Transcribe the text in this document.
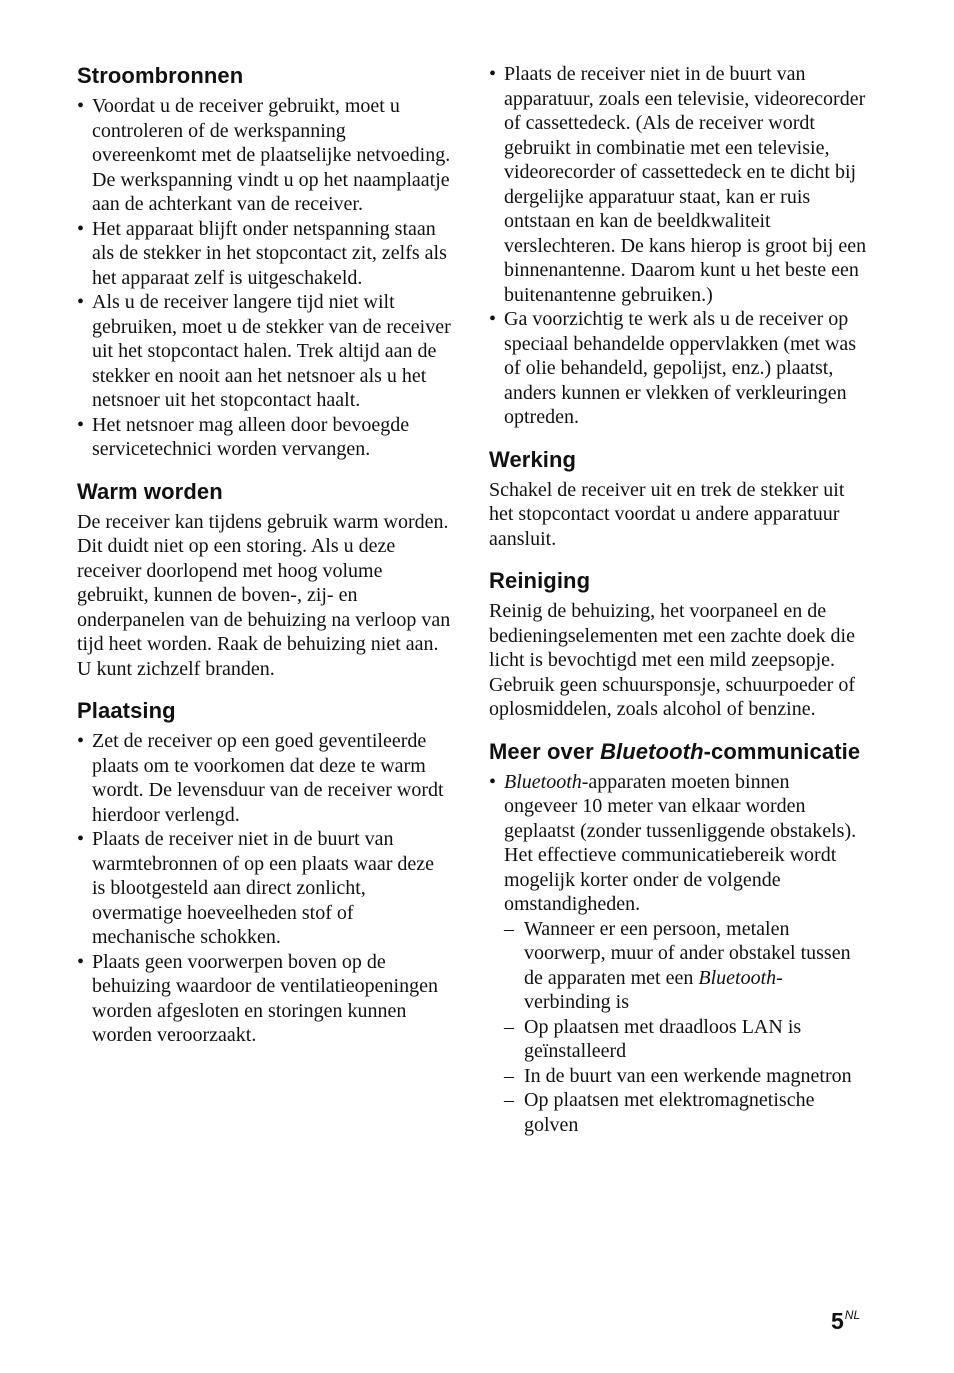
Stroombronnen
• Voordat u de receiver gebruikt, moet u controleren of de werkspanning overeenkomt met de plaatselijke netvoeding.
De werkspanning vindt u op het naamplaatje aan de achterkant van de receiver.
• Het apparaat blijft onder netspanning staan als de stekker in het stopcontact zit, zelfs als het apparaat zelf is uitgeschakeld.
• Als u de receiver langere tijd niet wilt gebruiken, moet u de stekker van de receiver uit het stopcontact halen. Trek altijd aan de stekker en nooit aan het netsnoer als u het netsnoer uit het stopcontact haalt.
• Het netsnoer mag alleen door bevoegde servicetechnici worden vervangen.
Warm worden

De receiver kan tijdens gebruik warm worden. Dit duidt niet op een storing. Als u deze receiver doorlopend met hoog volume gebruikt, kunnen de boven-, zij- en onderpanelen van de behuizing na verloop van tijd heet worden. Raak de behuizing niet aan. U kunt zichzelf branden.

Plaatsing
• Zet de receiver op een goed geventileerde plaats om te voorkomen dat deze te warm wordt. De levensduur van de receiver wordt hierdoor verlengd.
• Plaats de receiver niet in de buurt van warmtebronnen of op een plaats waar deze is blootgesteld aan direct zonlicht, overmatige hoeveelheden stof of mechanische schokken.
• Plaats geen voorwerpen boven op de behuizing waardoor de ventilatieopeningen worden afgesloten en storingen kunnen worden veroorzaakt.
• Plaats de receiver niet in de buurt van apparatuur, zoals een televisie, videorecorder of cassettedeck. (Als de receiver wordt gebruikt in combinatie met een televisie, videorecorder of cassettedeck en te dicht bij dergelijke apparatuur staat, kan er ruis ontstaan en kan de beeldkwaliteit verslechteren. De kans hierop is groot bij een binnenantenne. Daarom kunt u het beste een buitenantenne gebruiken.)
• Ga voorzichtig te werk als u de receiver op speciaal behandelde oppervlakken (met was of olie behandeld, gepolijst, enz.) plaatst, anders kunnen er vlekken of verkleuringen optreden.
Werking

Schakel de receiver uit en trek de stekker uit het stopcontact voordat u andere apparatuur aansluit.

Reiniging

Reinig de behuizing, het voorpaneel en de bedieningselementen met een zachte doek die licht is bevochtigd met een mild zeepsopje. Gebruik geen schuursponsje, schuurpoeder of oplosmiddelen, zoals alcohol of benzine.

Meer over Bluetooth-communicatie
• Bluetooth-apparaten moeten binnen ongeveer 10 meter van elkaar worden geplaatst (zonder tussenliggende obstakels). Het effectieve communicatiebereik wordt mogelijk korter onder de volgende omstandigheden.
– Wanneer er een persoon, metalen voorwerp, muur of ander obstakel tussen de apparaten met een Bluetooth-verbinding is
– Op plaatsen met draadloos LAN is geïnstalleerd
– In de buurt van een werkende magnetron
– Op plaatsen met elektromagnetische golven
$5^{NL}$
